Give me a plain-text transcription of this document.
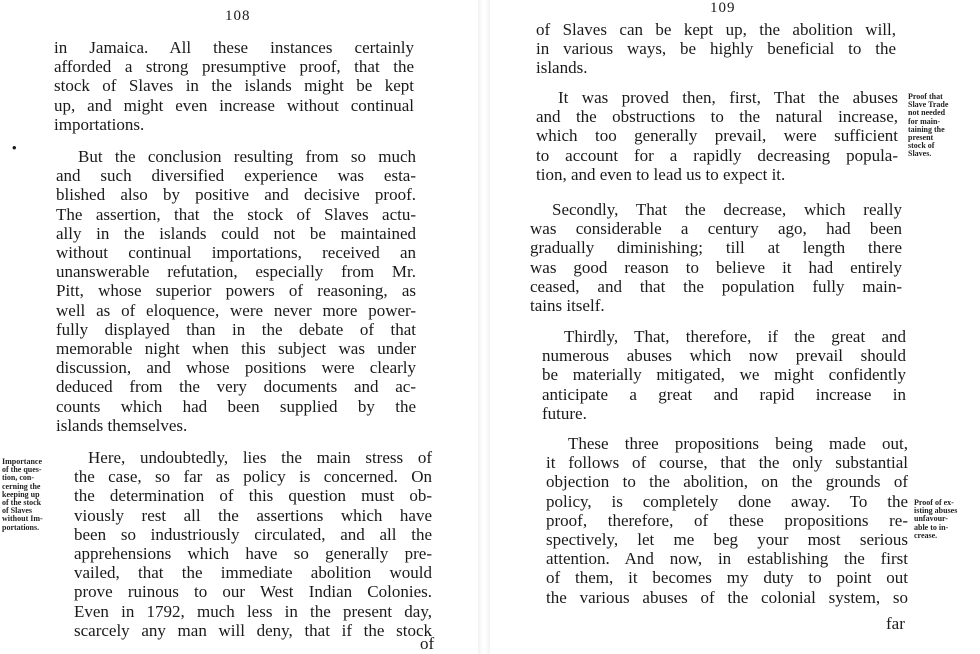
108
•
in Jamaica. All these instances certainly
afforded a strong presumptive proof, that the
stock of Slaves in the islands might be kept
up, and might even increase without continual
importations.
But the conclusion resulting from so much
and such diversified experience was esta-
blished also by positive and decisive proof.
The assertion, that the stock of Slaves actu-
ally in the islands could not be maintained
without continual importations, received an
unanswerable refutation, especially from Mr.
Pitt, whose superior powers of reasoning, as
well as of eloquence, were never more power-
fully displayed than in the debate of that
memorable night when this subject was under
discussion, and whose positions were clearly
deduced from the very documents and ac-
counts which had been supplied by the
islands themselves.
Importance
of the ques-
tion, con-
cerning the
keeping up
of the stock
of Slaves
without Im-
portations.
Here, undoubtedly, lies the main stress of
the case, so far as policy is concerned. On
the determination of this question must ob-
viously rest all the assertions which have
been so industriously circulated, and all the
apprehensions which have so generally pre-
vailed, that the immediate abolition would
prove ruinous to our West Indian Colonies.
Even in 1792, much less in the present day,
scarcely any man will deny, that if the stock
of
109
of Slaves can be kept up, the abolition will,
in various ways, be highly beneficial to the
islands.
It was proved then, first, That the abuses
and the obstructions to the natural increase,
which too generally prevail, were sufficient
to account for a rapidly decreasing popula-
tion, and even to lead us to expect it.
Proof that
Slave Trade
not needed
for main-
taining the
present
stock of
Slaves.
Secondly, That the decrease, which really
was considerable a century ago, had been
gradually diminishing; till at length there
was good reason to believe it had entirely
ceased, and that the population fully main-
tains itself.
Thirdly, That, therefore, if the great and
numerous abuses which now prevail should
be materially mitigated, we might confidently
anticipate a great and rapid increase in
future.
These three propositions being made out,
it follows of course, that the only substantial
objection to the abolition, on the grounds of
policy, is completely done away. To the
proof, therefore, of these propositions re-
spectively, let me beg your most serious
attention. And now, in establishing the first
of them, it becomes my duty to point out
the various abuses of the colonial system, so
Proof of ex-
isting abuses
unfavour-
able to in-
crease.
far
